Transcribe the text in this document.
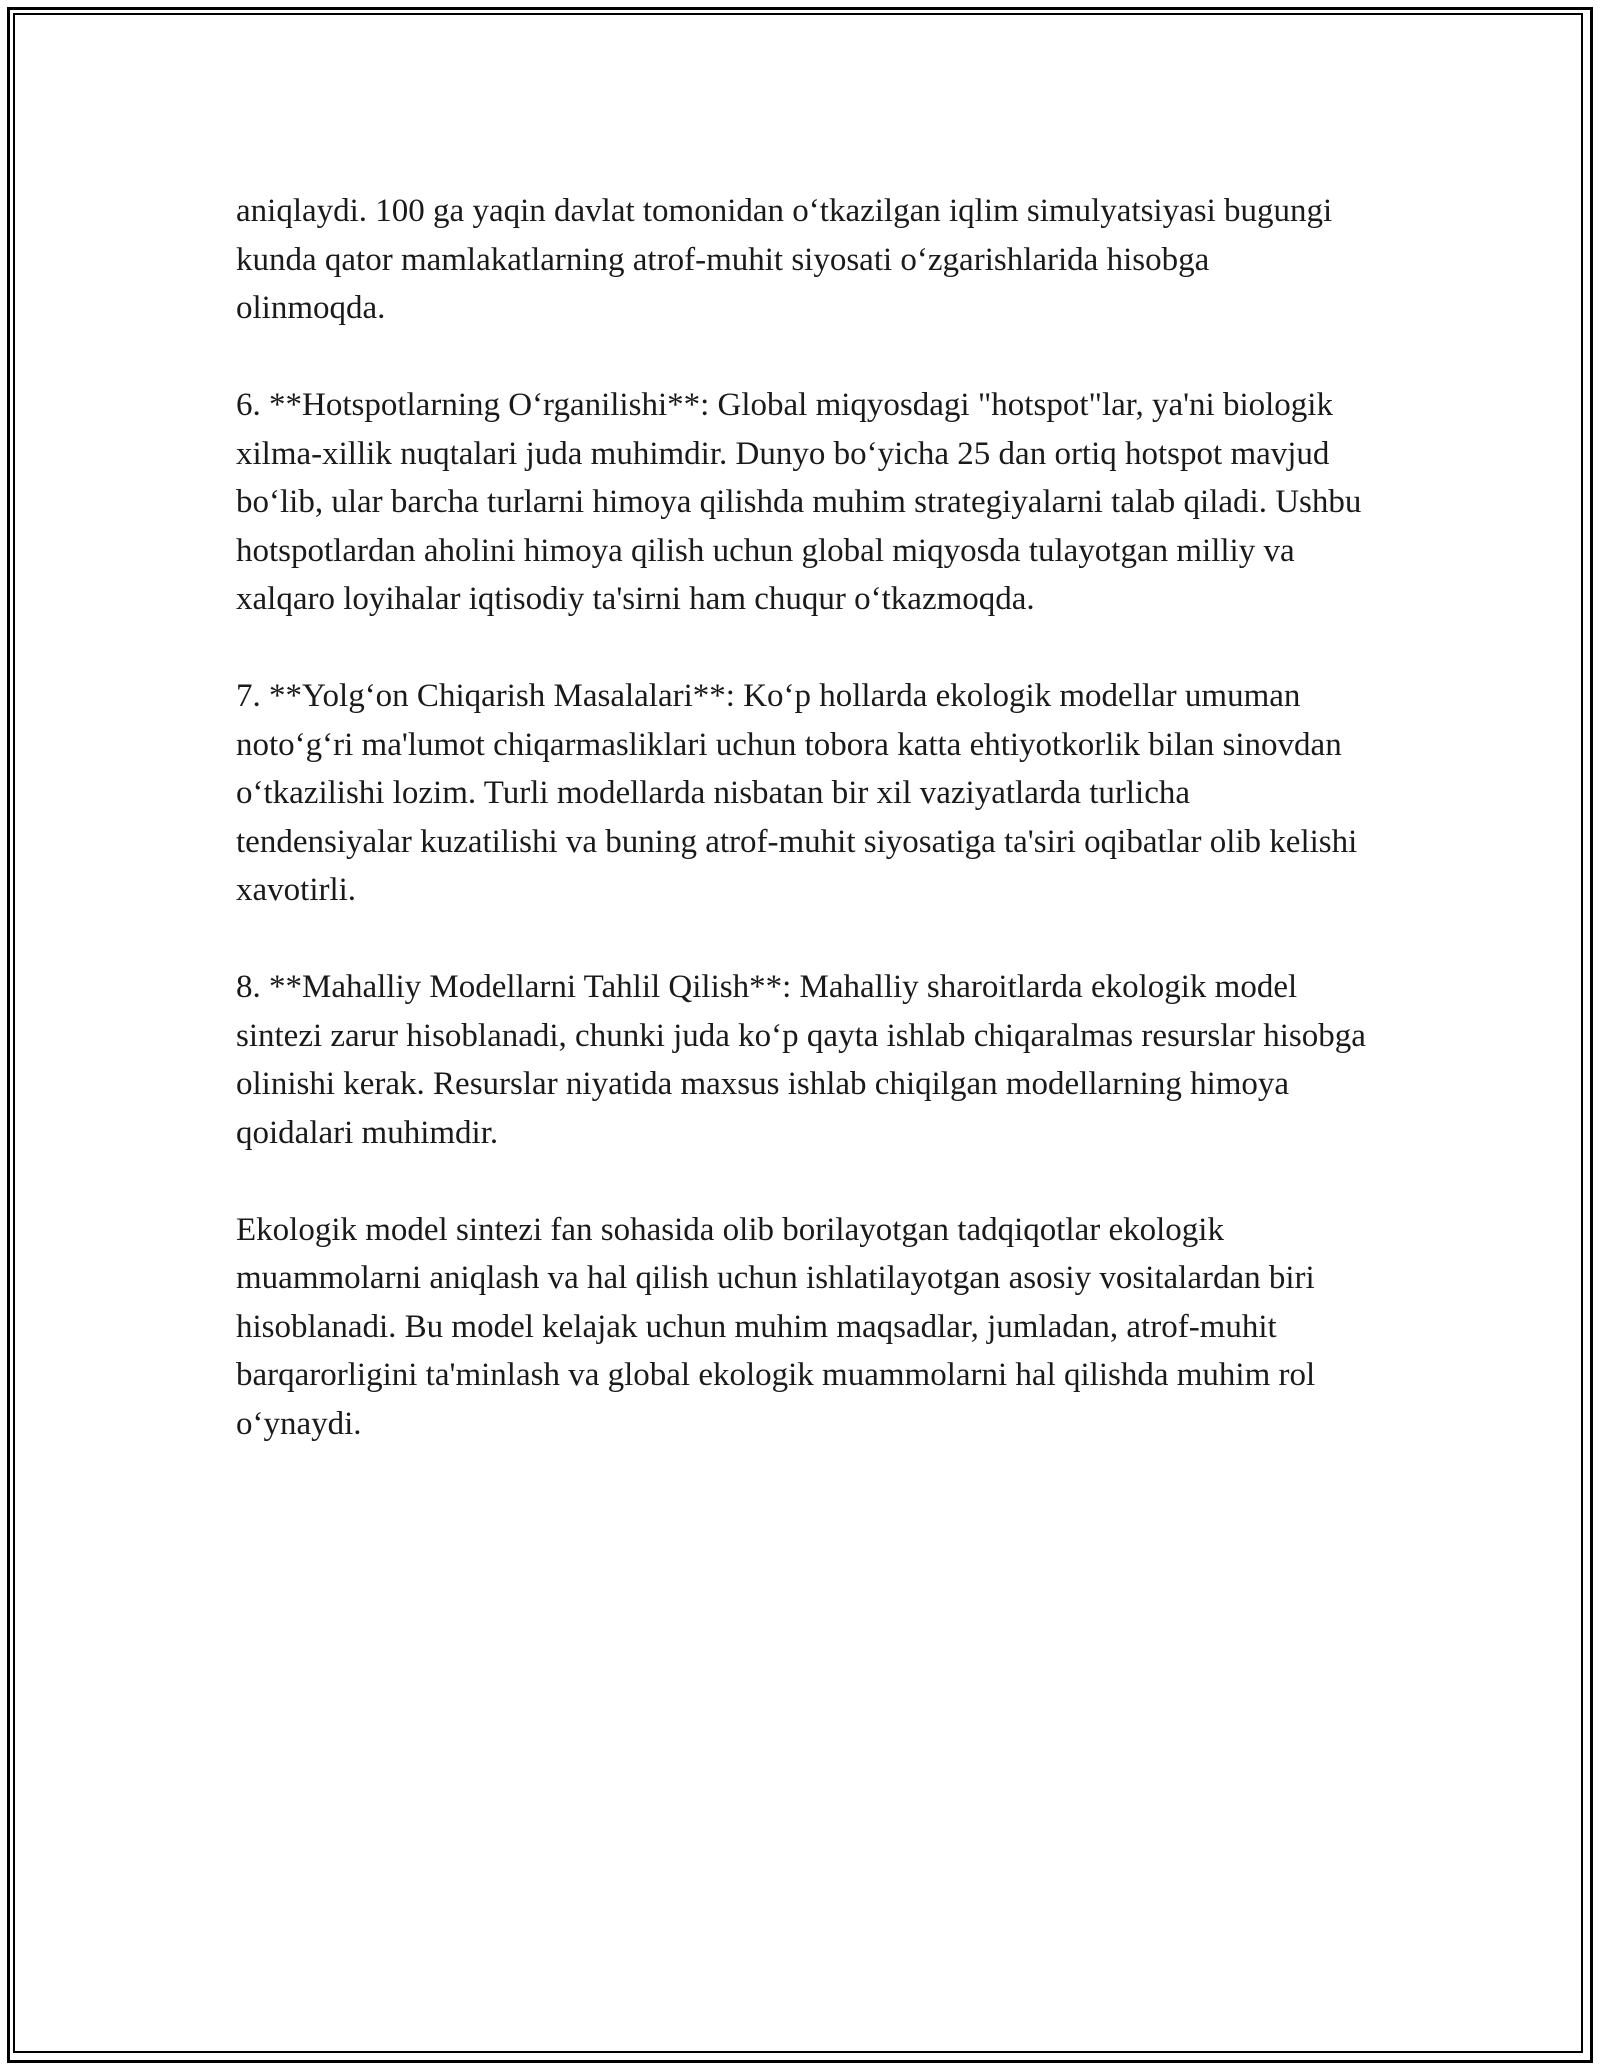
aniqlaydi. 100 ga yaqin davlat tomonidan o‘tkazilgan iqlim simulyatsiyasi bugungi kunda qator mamlakatlarning atrof-muhit siyosati o‘zgarishlarida hisobga olinmoqda.

6. **Hotspotlarning O‘rganilishi**: Global miqyosdagi "hotspot"lar, ya'ni biologik xilma-xillik nuqtalari juda muhimdir. Dunyo bo‘yicha 25 dan ortiq hotspot mavjud bo‘lib, ular barcha turlarni himoya qilishda muhim strategiyalarni talab qiladi. Ushbu hotspotlardan aholini himoya qilish uchun global miqyosda tulayotgan milliy va xalqaro loyihalar iqtisodiy ta'sirni ham chuqur o‘tkazmoqda.

7. **Yolg‘on Chiqarish Masalalari**: Ko‘p hollarda ekologik modellar umuman noto‘g‘ri ma'lumot chiqarmasliklari uchun tobora katta ehtiyotkorlik bilan sinovdan o‘tkazilishi lozim. Turli modellarda nisbatan bir xil vaziyatlarda turlicha tendensiyalar kuzatilishi va buning atrof-muhit siyosatiga ta'siri oqibatlar olib kelishi xavotirli.

8. **Mahalliy Modellarni Tahlil Qilish**: Mahalliy sharoitlarda ekologik model sintezi zarur hisoblanadi, chunki juda ko‘p qayta ishlab chiqaralmas resurslar hisobga olinishi kerak. Resurslar niyatida maxsus ishlab chiqilgan modellarning himoya qoidalari muhimdir.

Ekologik model sintezi fan sohasida olib borilayotgan tadqiqotlar ekologik muammolarni aniqlash va hal qilish uchun ishlatilayotgan asosiy vositalardan biri hisoblanadi. Bu model kelajak uchun muhim maqsadlar, jumladan, atrof-muhit barqarorligini ta'minlash va global ekologik muammolarni hal qilishda muhim rol o‘ynaydi.
